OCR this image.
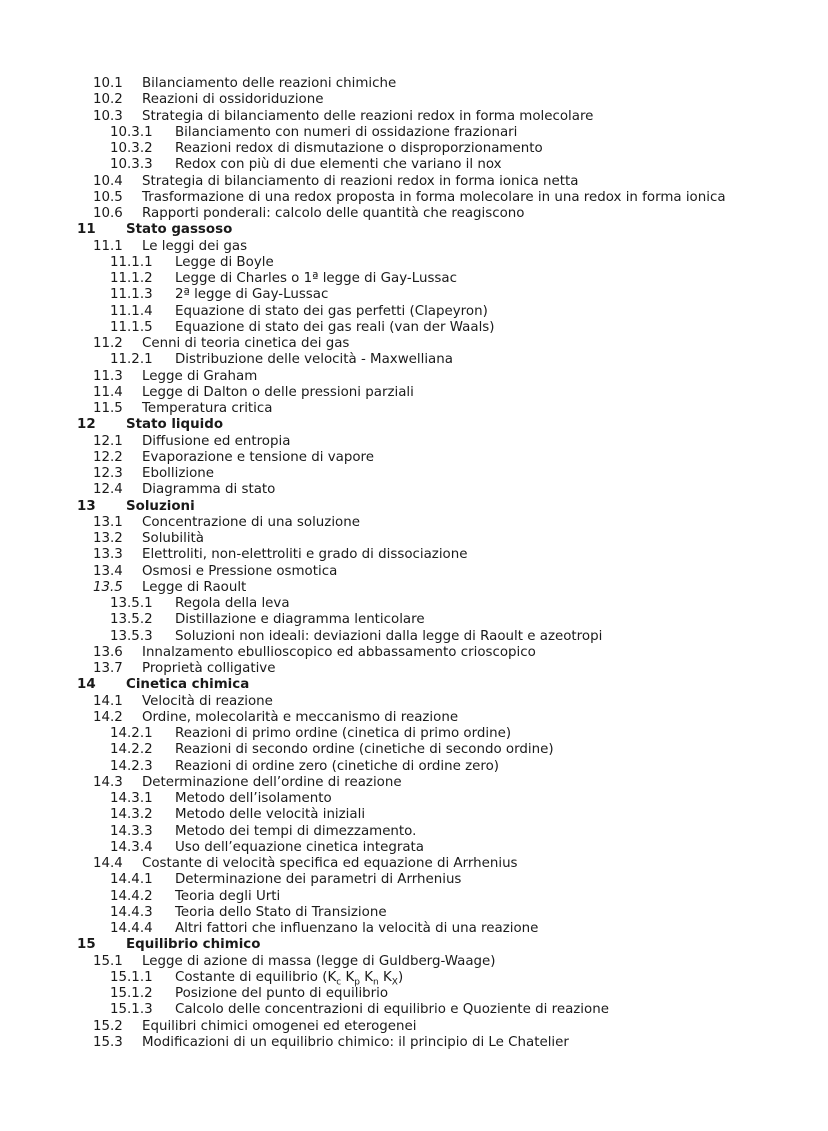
10.1 Bilanciamento delle reazioni chimiche
10.2 Reazioni di ossidoriduzione
10.3 Strategia di bilanciamento delle reazioni redox in forma molecolare
10.3.1 Bilanciamento con numeri di ossidazione frazionari
10.3.2 Reazioni redox di dismutazione o disproporzionamento
10.3.3 Redox con più di due elementi che variano il nox
10.4 Strategia di bilanciamento di reazioni redox in forma ionica netta
10.5 Trasformazione di una redox proposta in forma molecolare in una redox in forma ionica
10.6 Rapporti ponderali: calcolo delle quantità che reagiscono
11 Stato gassoso
11.1 Le leggi dei gas
11.1.1 Legge di Boyle
11.1.2 Legge di Charles o 1ª legge di Gay-Lussac
11.1.3 2ª legge di Gay-Lussac
11.1.4 Equazione di stato dei gas perfetti (Clapeyron)
11.1.5 Equazione di stato dei gas reali (van der Waals)
11.2 Cenni di teoria cinetica dei gas
11.2.1 Distribuzione delle velocità - Maxwelliana
11.3 Legge di Graham
11.4 Legge di Dalton o delle pressioni parziali
11.5 Temperatura critica
12 Stato liquido
12.1 Diffusione ed entropia
12.2 Evaporazione e tensione di vapore
12.3 Ebollizione
12.4 Diagramma di stato
13 Soluzioni
13.1 Concentrazione di una soluzione
13.2 Solubilità
13.3 Elettroliti, non-elettroliti e grado di dissociazione
13.4 Osmosi e Pressione osmotica
13.5 Legge di Raoult
13.5.1 Regola della leva
13.5.2 Distillazione e diagramma lenticolare
13.5.3 Soluzioni non ideali: deviazioni dalla legge di Raoult e azeotropi
13.6 Innalzamento ebullioscopico ed abbassamento crioscopico
13.7 Proprietà colligative
14 Cinetica chimica
14.1 Velocità di reazione
14.2 Ordine, molecolarità e meccanismo di reazione
14.2.1 Reazioni di primo ordine (cinetica di primo ordine)
14.2.2 Reazioni di secondo ordine (cinetiche di secondo ordine)
14.2.3 Reazioni di ordine zero (cinetiche di ordine zero)
14.3 Determinazione dell’ordine di reazione
14.3.1 Metodo dell’isolamento
14.3.2 Metodo delle velocità iniziali
14.3.3 Metodo dei tempi di dimezzamento.
14.3.4 Uso dell’equazione cinetica integrata
14.4 Costante di velocità specifica ed equazione di Arrhenius
14.4.1 Determinazione dei parametri di Arrhenius
14.4.2 Teoria degli Urti
14.4.3 Teoria dello Stato di Transizione
14.4.4 Altri fattori che influenzano la velocità di una reazione
15 Equilibrio chimico
15.1 Legge di azione di massa (legge di Guldberg-Waage)
15.1.1 Costante di equilibrio ($K_c$ $K_p$ $K_n$ $K_X$)
15.1.2 Posizione del punto di equilibrio
15.1.3 Calcolo delle concentrazioni di equilibrio e Quoziente di reazione
15.2 Equilibri chimici omogenei ed eterogenei
15.3 Modificazioni di un equilibrio chimico: il principio di Le Chatelier
